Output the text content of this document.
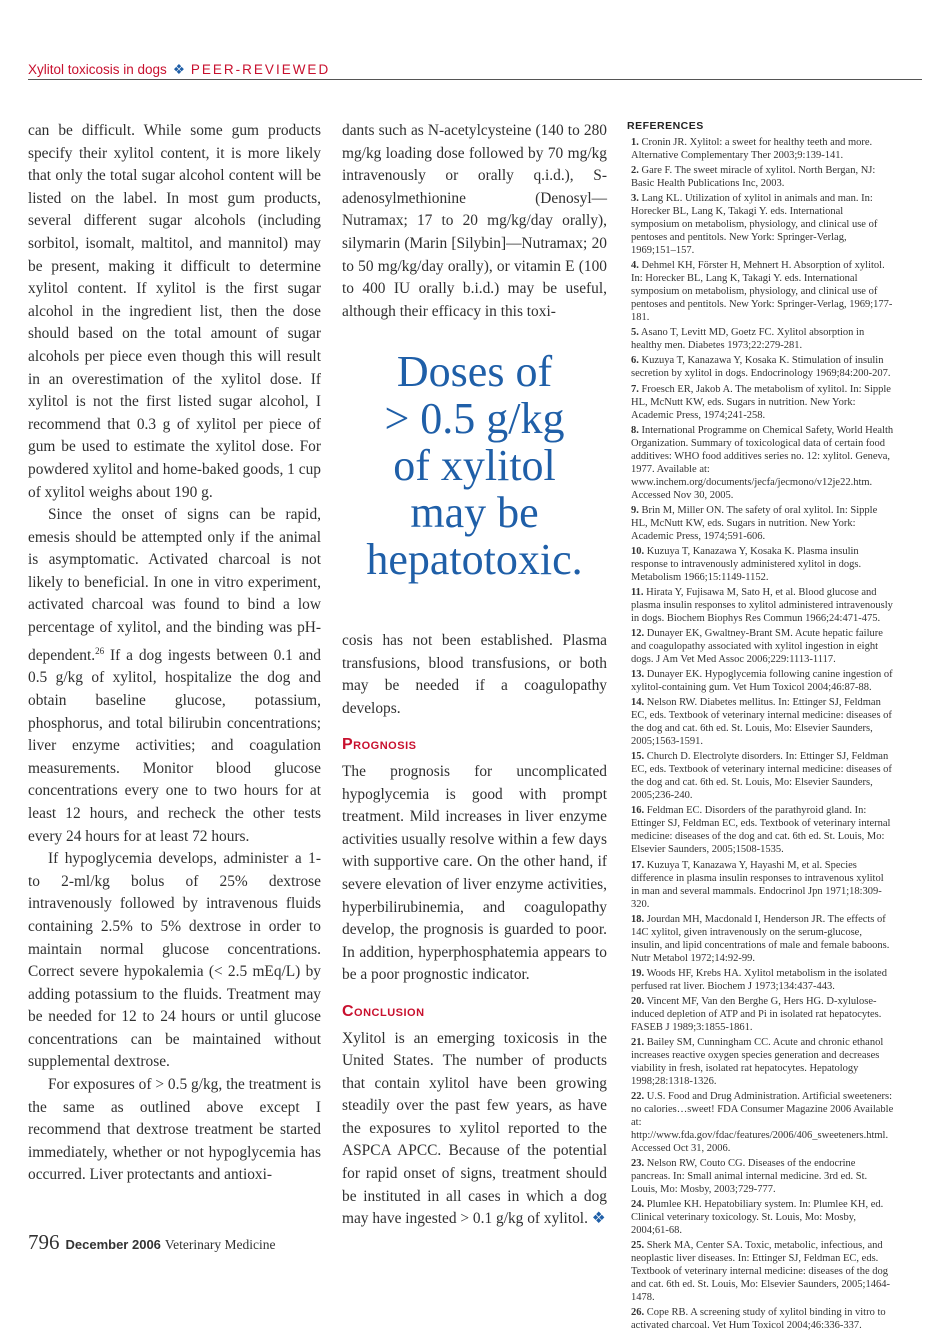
Xylitol toxicosis in dogs ❖ PEER-REVIEWED

can be difficult. While some gum products specify their xylitol content, it is more likely that only the total sugar alcohol content will be listed on the label. In most gum products, several different sugar alcohols (including sorbitol, isomalt, maltitol, and mannitol) may be present, making it difficult to determine xylitol content. If xylitol is the first sugar alcohol in the ingredient list, then the dose should based on the total amount of sugar alcohols per piece even though this will result in an overestimation of the xylitol dose. If xylitol is not the first listed sugar alcohol, I recommend that 0.3 g of xylitol per piece of gum be used to estimate the xylitol dose. For powdered xylitol and home-baked goods, 1 cup of xylitol weighs about 190 g.

Since the onset of signs can be rapid, emesis should be attempted only if the animal is asymptomatic. Activated charcoal is not likely to beneficial. In one in vitro experiment, activated charcoal was found to bind a low percentage of xylitol, and the binding was pH-dependent.$^{26}$ If a dog ingests between 0.1 and 0.5 g/kg of xylitol, hospitalize the dog and obtain baseline glucose, potassium, phosphorus, and total bilirubin concentrations; liver enzyme activities; and coagulation measurements. Monitor blood glucose concentrations every one to two hours for at least 12 hours, and recheck the other tests every 24 hours for at least 72 hours.

If hypoglycemia develops, administer a 1- to 2-ml/kg bolus of 25% dextrose intravenously followed by intravenous fluids containing 2.5% to 5% dextrose in order to maintain normal glucose concentrations. Correct severe hypokalemia (< 2.5 mEq/L) by adding potassium to the fluids. Treatment may be needed for 12 to 24 hours or until glucose concentrations can be maintained without supplemental dextrose.

For exposures of > 0.5 g/kg, the treatment is the same as outlined above except I recommend that dextrose treatment be started immediately, whether or not hypoglycemia has occurred. Liver protectants and antioxi-

dants such as N-acetylcysteine (140 to 280 mg/kg loading dose followed by 70 mg/kg intravenously or orally q.i.d.), S-adenosylmethionine (Denosyl—Nutramax; 17 to 20 mg/kg/day orally), silymarin (Marin [Silybin]—Nutramax; 20 to 50 mg/kg/day orally), or vitamin E (100 to 400 IU orally b.i.d.) may be useful, although their efficacy in this toxi-

Doses of
> 0.5 g/kg
of xylitol
may be
hepatotoxic.

cosis has not been established. Plasma transfusions, blood transfusions, or both may be needed if a coagulopathy develops.

Prognosis

The prognosis for uncomplicated hypoglycemia is good with prompt treatment. Mild increases in liver enzyme activities usually resolve within a few days with supportive care. On the other hand, if severe elevation of liver enzyme activities, hyperbilirubinemia, and coagulopathy develop, the prognosis is guarded to poor. In addition, hyperphosphatemia appears to be a poor prognostic indicator.

Conclusion

Xylitol is an emerging toxicosis in the United States. The number of products that contain xylitol have been growing steadily over the past few years, as have the exposures to xylitol reported to the ASPCA APCC. Because of the potential for rapid onset of signs, treatment should be instituted in all cases in which a dog may have ingested > 0.1 g/kg of xylitol. ❖

REFERENCES
1. Cronin JR. Xylitol: a sweet for healthy teeth and more. Alternative Complementary Ther 2003;9:139-141.
2. Gare F. The sweet miracle of xylitol. North Bergan, NJ: Basic Health Publications Inc, 2003.
3. Lang KL. Utilization of xylitol in animals and man. In: Horecker BL, Lang K, Takagi Y. eds. International symposium on metabolism, physiology, and clinical use of pentoses and pentitols. New York: Springer-Verlag, 1969;151–157.
4. Dehmel KH, Förster H, Mehnert H. Absorption of xylitol. In: Horecker BL, Lang K, Takagi Y. eds. International symposium on metabolism, physiology, and clinical use of pentoses and pentitols. New York: Springer-Verlag, 1969;177-181.
5. Asano T, Levitt MD, Goetz FC. Xylitol absorption in healthy men. Diabetes 1973;22:279-281.
6. Kuzuya T, Kanazawa Y, Kosaka K. Stimulation of insulin secretion by xylitol in dogs. Endocrinology 1969;84:200-207.
7. Froesch ER, Jakob A. The metabolism of xylitol. In: Sipple HL, McNutt KW, eds. Sugars in nutrition. New York: Academic Press, 1974;241-258.
8. International Programme on Chemical Safety, World Health Organization. Summary of toxicological data of certain food additives: WHO food additives series no. 12: xylitol. Geneva, 1977. Available at: www.inchem.org/documents/jecfa/jecmono/v12je22.htm. Accessed Nov 30, 2005.
9. Brin M, Miller ON. The safety of oral xylitol. In: Sipple HL, McNutt KW, eds. Sugars in nutrition. New York: Academic Press, 1974;591-606.
10. Kuzuya T, Kanazawa Y, Kosaka K. Plasma insulin response to intravenously administered xylitol in dogs. Metabolism 1966;15:1149-1152.
11. Hirata Y, Fujisawa M, Sato H, et al. Blood glucose and plasma insulin responses to xylitol administered intravenously in dogs. Biochem Biophys Res Commun 1966;24:471-475.
12. Dunayer EK, Gwaltney-Brant SM. Acute hepatic failure and coagulopathy associated with xylitol ingestion in eight dogs. J Am Vet Med Assoc 2006;229:1113-1117.
13. Dunayer EK. Hypoglycemia following canine ingestion of xylitol-containing gum. Vet Hum Toxicol 2004;46:87-88.
14. Nelson RW. Diabetes mellitus. In: Ettinger SJ, Feldman EC, eds. Textbook of veterinary internal medicine: diseases of the dog and cat. 6th ed. St. Louis, Mo: Elsevier Saunders, 2005;1563-1591.
15. Church D. Electrolyte disorders. In: Ettinger SJ, Feldman EC, eds. Textbook of veterinary internal medicine: diseases of the dog and cat. 6th ed. St. Louis, Mo: Elsevier Saunders, 2005;236-240.
16. Feldman EC. Disorders of the parathyroid gland. In: Ettinger SJ, Feldman EC, eds. Textbook of veterinary internal medicine: diseases of the dog and cat. 6th ed. St. Louis, Mo: Elsevier Saunders, 2005;1508-1535.
17. Kuzuya T, Kanazawa Y, Hayashi M, et al. Species difference in plasma insulin responses to intravenous xylitol in man and several mammals. Endocrinol Jpn 1971;18:309-320.
18. Jourdan MH, Macdonald I, Henderson JR. The effects of 14C xylitol, given intravenously on the serum-glucose, insulin, and lipid concentrations of male and female baboons. Nutr Metabol 1972;14:92-99.
19. Woods HF, Krebs HA. Xylitol metabolism in the isolated perfused rat liver. Biochem J 1973;134:437-443.
20. Vincent MF, Van den Berghe G, Hers HG. D-xylulose-induced depletion of ATP and Pi in isolated rat hepatocytes. FASEB J 1989;3:1855-1861.
21. Bailey SM, Cunningham CC. Acute and chronic ethanol increases reactive oxygen species generation and decreases viability in fresh, isolated rat hepatocytes. Hepatology 1998;28:1318-1326.
22. U.S. Food and Drug Administration. Artificial sweeteners: no calories…sweet! FDA Consumer Magazine 2006 Available at: http://www.fda.gov/fdac/features/2006/406_sweeteners.html. Accessed Oct 31, 2006.
23. Nelson RW, Couto CG. Diseases of the endocrine pancreas. In: Small animal internal medicine. 3rd ed. St. Louis, Mo: Mosby, 2003;729-777.
24. Plumlee KH. Hepatobiliary system. In: Plumlee KH, ed. Clinical veterinary toxicology. St. Louis, Mo: Mosby, 2004;61-68.
25. Sherk MA, Center SA. Toxic, metabolic, infectious, and neoplastic liver diseases. In: Ettinger SJ, Feldman EC, eds. Textbook of veterinary internal medicine: diseases of the dog and cat. 6th ed. St. Louis, Mo: Elsevier Saunders, 2005;1464-1478.
26. Cope RB. A screening study of xylitol binding in vitro to activated charcoal. Vet Hum Toxicol 2004;46:336-337.
796 December 2006 Veterinary Medicine
